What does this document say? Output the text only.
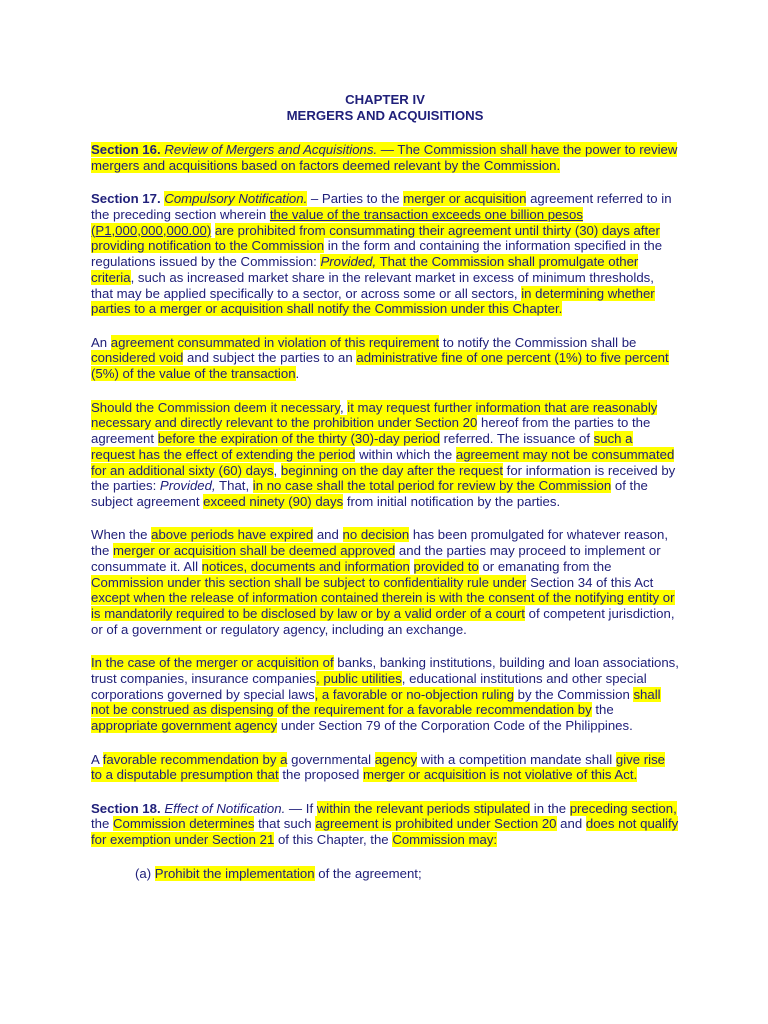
CHAPTER IV
MERGERS AND ACQUISITIONS

Section 16. Review of Mergers and Acquisitions. — The Commission shall have the power to review mergers and acquisitions based on factors deemed relevant by the Commission.

Section 17. Compulsory Notification. – Parties to the merger or acquisition agreement referred to in the preceding section wherein the value of the transaction exceeds one billion pesos (P1,000,000,000.00) are prohibited from consummating their agreement until thirty (30) days after providing notification to the Commission in the form and containing the information specified in the regulations issued by the Commission: Provided, That the Commission shall promulgate other criteria, such as increased market share in the relevant market in excess of minimum thresholds, that may be applied specifically to a sector, or across some or all sectors, in determining whether parties to a merger or acquisition shall notify the Commission under this Chapter.

An agreement consummated in violation of this requirement to notify the Commission shall be considered void and subject the parties to an administrative fine of one percent (1%) to five percent (5%) of the value of the transaction.

Should the Commission deem it necessary, it may request further information that are reasonably necessary and directly relevant to the prohibition under Section 20 hereof from the parties to the agreement before the expiration of the thirty (30)-day period referred. The issuance of such a request has the effect of extending the period within which the agreement may not be consummated for an additional sixty (60) days, beginning on the day after the request for information is received by the parties: Provided, That, in no case shall the total period for review by the Commission of the subject agreement exceed ninety (90) days from initial notification by the parties.

When the above periods have expired and no decision has been promulgated for whatever reason, the merger or acquisition shall be deemed approved and the parties may proceed to implement or consummate it. All notices, documents and information provided to or emanating from the Commission under this section shall be subject to confidentiality rule under Section 34 of this Act except when the release of information contained therein is with the consent of the notifying entity or is mandatorily required to be disclosed by law or by a valid order of a court of competent jurisdiction, or of a government or regulatory agency, including an exchange.

In the case of the merger or acquisition of banks, banking institutions, building and loan associations, trust companies, insurance companies, public utilities, educational institutions and other special corporations governed by special laws, a favorable or no-objection ruling by the Commission shall not be construed as dispensing of the requirement for a favorable recommendation by the appropriate government agency under Section 79 of the Corporation Code of the Philippines.

A favorable recommendation by a governmental agency with a competition mandate shall give rise to a disputable presumption that the proposed merger or acquisition is not violative of this Act.

Section 18. Effect of Notification. — If within the relevant periods stipulated in the preceding section, the Commission determines that such agreement is prohibited under Section 20 and does not qualify for exemption under Section 21 of this Chapter, the Commission may:

(a) Prohibit the implementation of the agreement;
